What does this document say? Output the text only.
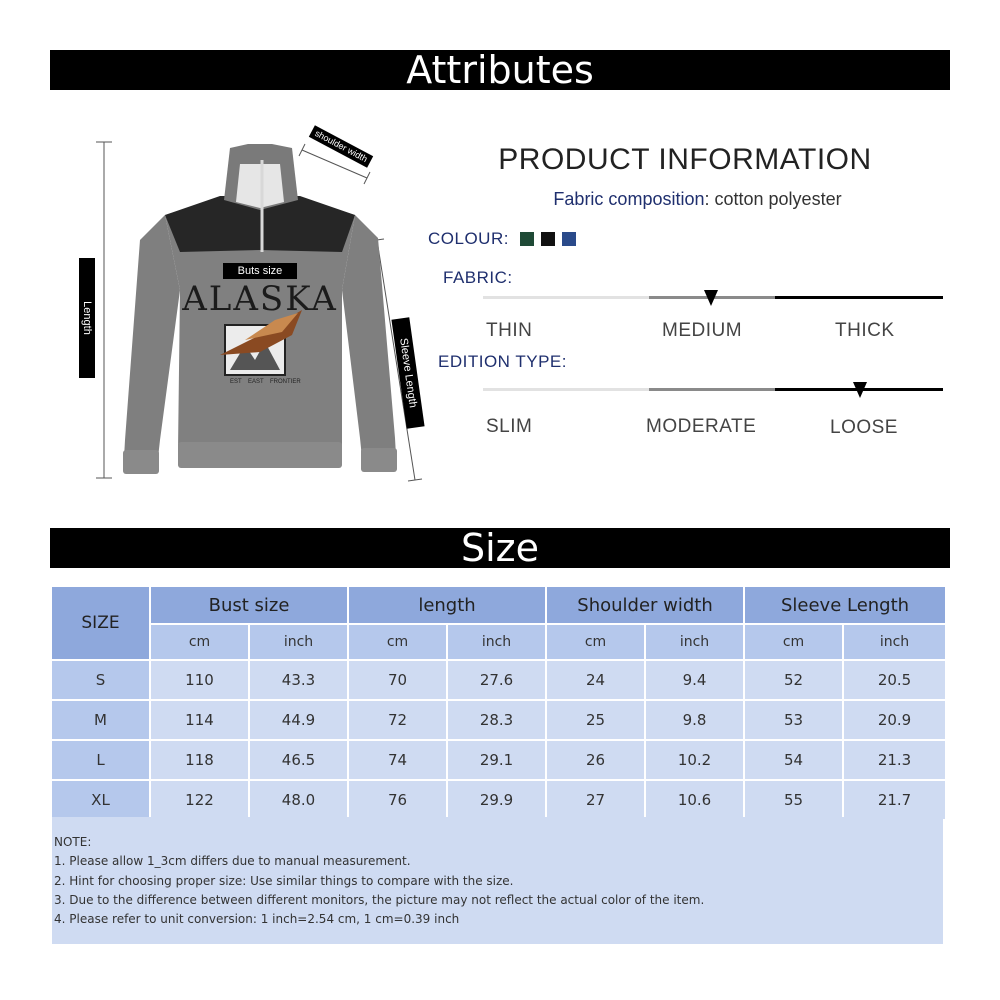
Attributes
Size
ALASKA
EST EAST FRONTIER
Length
Buts size
shoulder width
Sleeve Length
PRODUCT INFORMATION
Fabric composition: cotton polyester
COLOUR:
FABRIC:
THIN	MEDIUM	THICK
EDITION TYPE:
SLIM	MODERATE	LOOSE
SIZE	Bust size		length		Shoulder width		Sleeve Length	
	cm	inch	cm	inch	cm	inch	cm	inch
S	110	43.3	70	27.6	24	9.4	52	20.5
M	114	44.9	72	28.3	25	9.8	53	20.9
L	118	46.5	74	29.1	26	10.2	54	21.3
XL	122	48.0	76	29.9	27	10.6	55	21.7
NOTE:
1. Please allow 1_3cm differs due to manual measurement.
2. Hint for choosing proper size: Use similar things to compare with the size.
3. Due to the difference between different monitors, the picture may not reflect the actual color of the item.
4. Please refer to unit conversion: 1 inch=2.54 cm, 1 cm=0.39 inch
